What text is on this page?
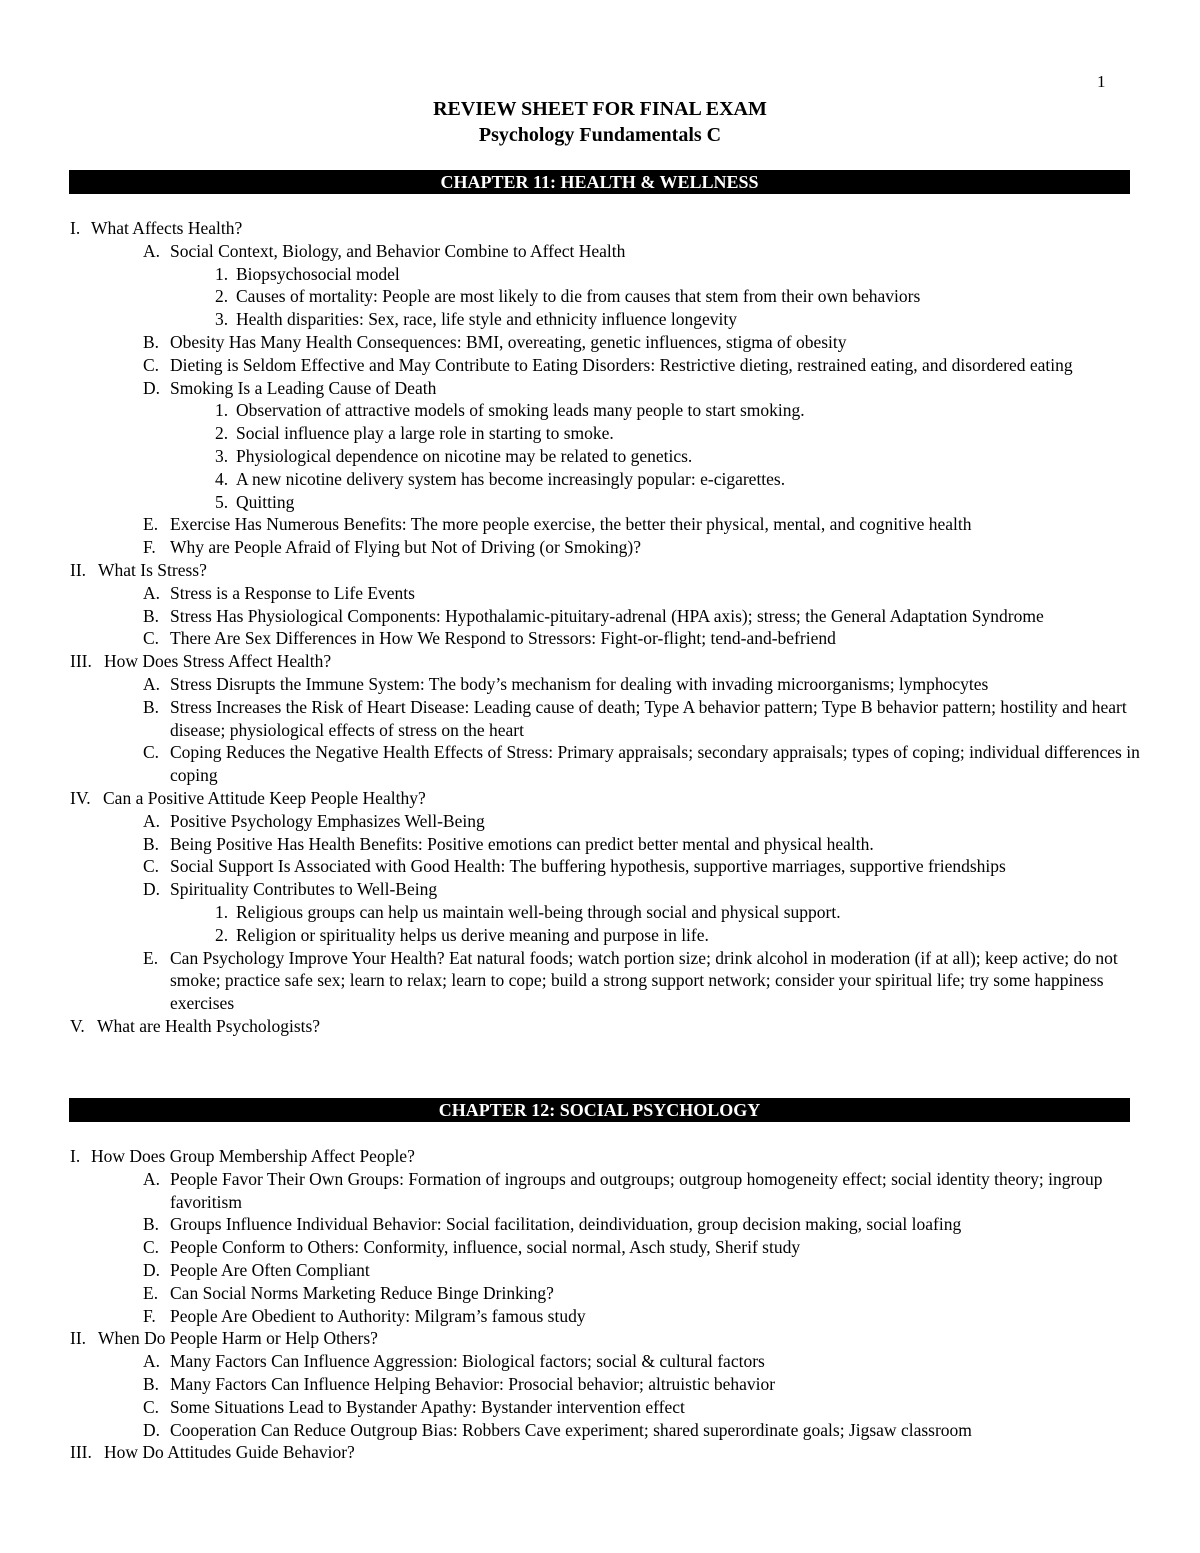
1
REVIEW SHEET FOR FINAL EXAM
Psychology Fundamentals C
CHAPTER 11: HEALTH & WELLNESS
I. What Affects Health?
A. Social Context, Biology, and Behavior Combine to Affect Health
1. Biopsychosocial model
2. Causes of mortality: People are most likely to die from causes that stem from their own behaviors
3. Health disparities: Sex, race, life style and ethnicity influence longevity
B. Obesity Has Many Health Consequences: BMI, overeating, genetic influences, stigma of obesity
C. Dieting is Seldom Effective and May Contribute to Eating Disorders: Restrictive dieting, restrained eating, and disordered eating
D. Smoking Is a Leading Cause of Death
1. Observation of attractive models of smoking leads many people to start smoking.
2. Social influence play a large role in starting to smoke.
3. Physiological dependence on nicotine may be related to genetics.
4. A new nicotine delivery system has become increasingly popular: e-cigarettes.
5. Quitting
E. Exercise Has Numerous Benefits: The more people exercise, the better their physical, mental, and cognitive health
F. Why are People Afraid of Flying but Not of Driving (or Smoking)?
II. What Is Stress?
A. Stress is a Response to Life Events
B. Stress Has Physiological Components: Hypothalamic-pituitary-adrenal (HPA axis); stress; the General Adaptation Syndrome
C. There Are Sex Differences in How We Respond to Stressors: Fight-or-flight; tend-and-befriend
III. How Does Stress Affect Health?
A. Stress Disrupts the Immune System: The body’s mechanism for dealing with invading microorganisms; lymphocytes
B. Stress Increases the Risk of Heart Disease: Leading cause of death; Type A behavior pattern; Type B behavior pattern; hostility and heart disease; physiological effects of stress on the heart
C. Coping Reduces the Negative Health Effects of Stress: Primary appraisals; secondary appraisals; types of coping; individual differences in coping
IV. Can a Positive Attitude Keep People Healthy?
A. Positive Psychology Emphasizes Well-Being
B. Being Positive Has Health Benefits: Positive emotions can predict better mental and physical health.
C. Social Support Is Associated with Good Health: The buffering hypothesis, supportive marriages, supportive friendships
D. Spirituality Contributes to Well-Being
1. Religious groups can help us maintain well-being through social and physical support.
2. Religion or spirituality helps us derive meaning and purpose in life.
E. Can Psychology Improve Your Health? Eat natural foods; watch portion size; drink alcohol in moderation (if at all); keep active; do not smoke; practice safe sex; learn to relax; learn to cope; build a strong support network; consider your spiritual life; try some happiness exercises
V. What are Health Psychologists?
CHAPTER 12: SOCIAL PSYCHOLOGY
I. How Does Group Membership Affect People?
A. People Favor Their Own Groups: Formation of ingroups and outgroups; outgroup homogeneity effect; social identity theory; ingroup favoritism
B. Groups Influence Individual Behavior: Social facilitation, deindividuation, group decision making, social loafing
C. People Conform to Others: Conformity, influence, social normal, Asch study, Sherif study
D. People Are Often Compliant
E. Can Social Norms Marketing Reduce Binge Drinking?
F. People Are Obedient to Authority: Milgram’s famous study
II. When Do People Harm or Help Others?
A. Many Factors Can Influence Aggression: Biological factors; social & cultural factors
B. Many Factors Can Influence Helping Behavior: Prosocial behavior; altruistic behavior
C. Some Situations Lead to Bystander Apathy: Bystander intervention effect
D. Cooperation Can Reduce Outgroup Bias: Robbers Cave experiment; shared superordinate goals; Jigsaw classroom
III. How Do Attitudes Guide Behavior?
